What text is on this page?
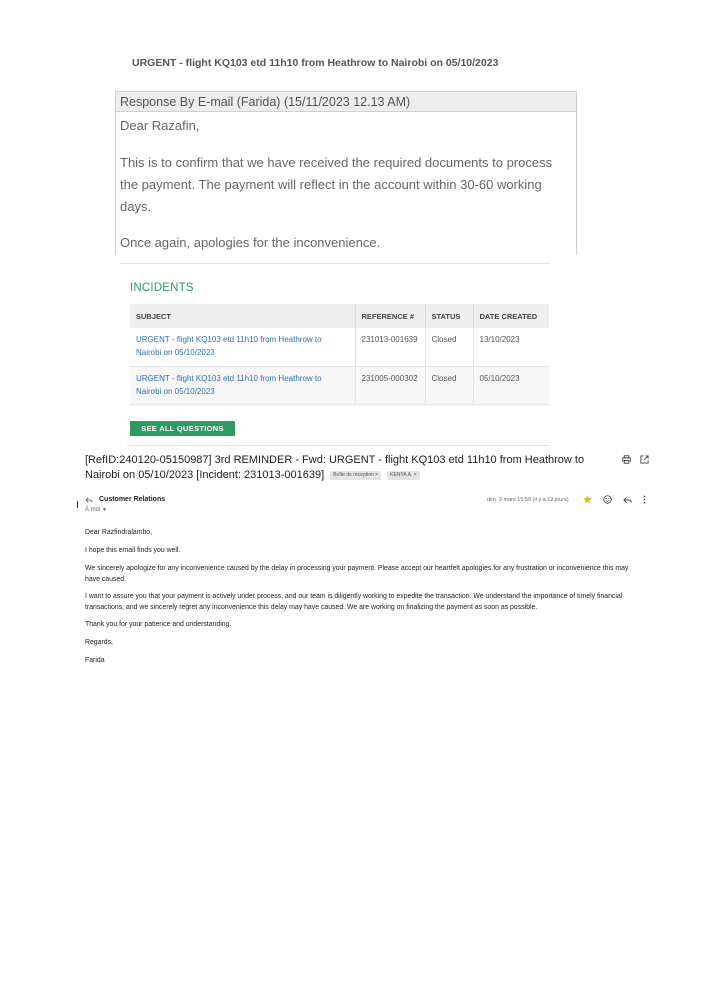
URGENT - flight KQ103 etd 11h10 from Heathrow to Nairobi on 05/10/2023
Response By E-mail (Farida) (15/11/2023 12.13 AM)

Dear Razafin,

This is to confirm that we have received the required documents to process the payment. The payment will reflect in the account within 30-60 working days.

Once again, apologies for the inconvenience.

INCIDENTS
SUBJECT	REFERENCE #	STATUS	DATE CREATED
URGENT - flight KQ103 etd 11h10 from Heathrow to Nairobi on 05/10/2023	231013-001639	Closed	13/10/2023
URGENT - flight KQ103 etd 11h10 from Heathrow to Nairobi on 05/10/2023	231005-000302	Closed	05/10/2023
SEE ALL QUESTIONS
[RefID:240120-05150987] 3rd REMINDER - Fwd: URGENT - flight KQ103 etd 11h10 from Heathrow to Nairobi on 05/10/2023 [Incident: 231013-001639] Boîte de réception × KENYA A. ×
Customer Relations
À moi ▼
dim. 3 mars 15:59 (il y a 12 jours)

Dear Razfindralambo,

I hope this email finds you well.

We sincerely apologize for any inconvenience caused by the delay in processing your payment. Please accept our heartfelt apologies for any frustration or inconvenience this may have caused.

I want to assure you that your payment is actively under process, and our team is diligently working to expedite the transaction. We understand the importance of timely financial transactions, and we sincerely regret any inconvenience this delay may have caused. We are working on finalizing the payment as soon as possible.

Thank you for your patience and understanding.

Regards,

Farida
